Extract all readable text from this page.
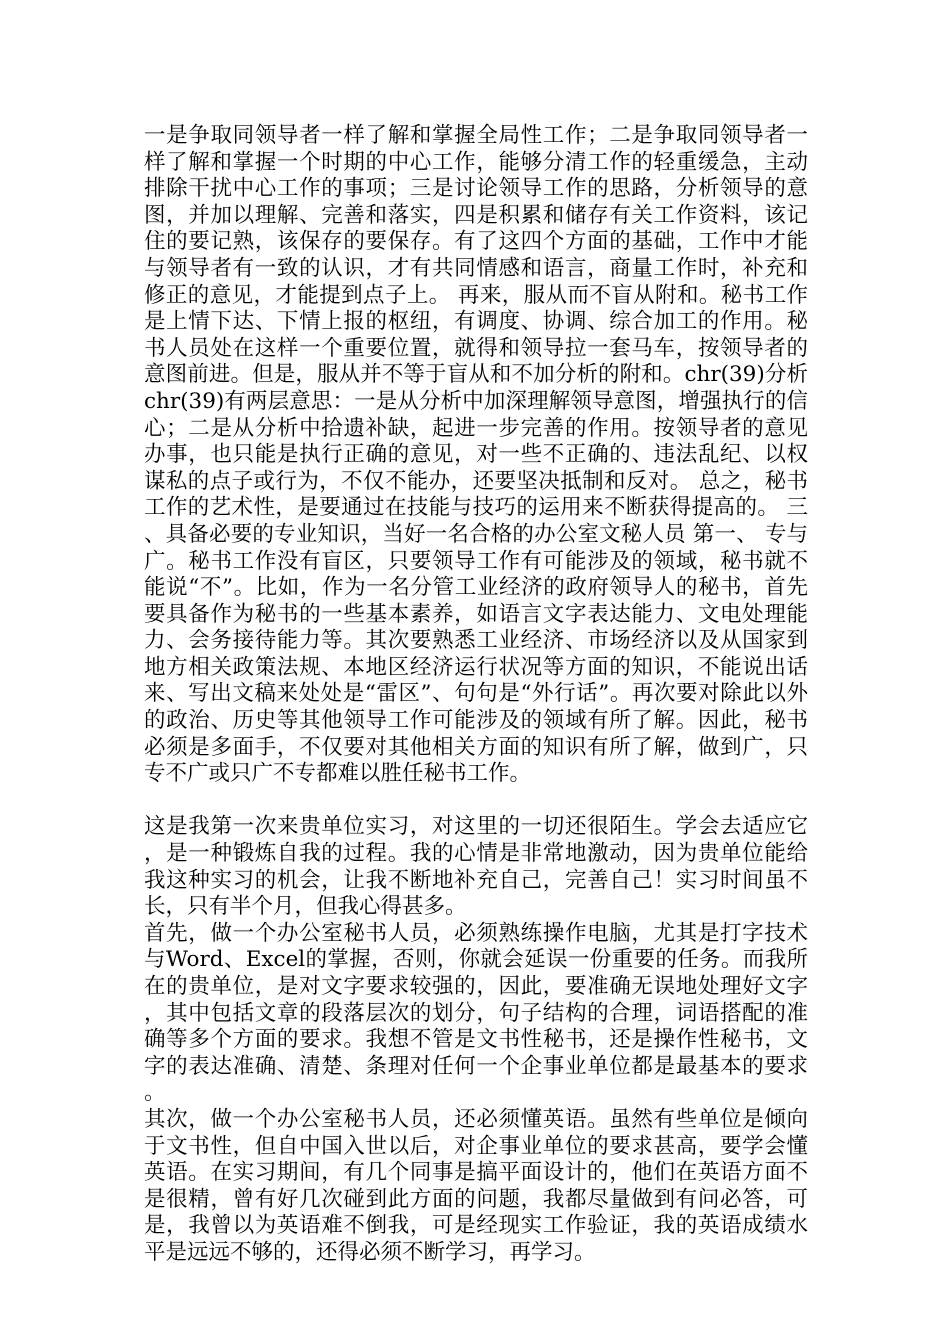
一是争取同领导者一样了解和掌握全局性工作；二是争取同领导者一样了解和掌握一个时期的中心工作，能够分清工作的轻重缓急，主动排除干扰中心工作的事项；三是讨论领导工作的思路，分析领导的意图，并加以理解、完善和落实，四是积累和储存有关工作资料，该记住的要记熟，该保存的要保存。有了这四个方面的基础，工作中才能与领导者有一致的认识，才有共同情感和语言，商量工作时，补充和修正的意见，才能提到点子上。 再来，服从而不盲从附和。秘书工作是上情下达、下情上报的枢纽，有调度、协调、综合加工的作用。秘书人员处在这样一个重要位置，就得和领导拉一套马车，按领导者的意图前进。但是，服从并不等于盲从和不加分析的附和。chr(39)分析chr(39)有两层意思：一是从分析中加深理解领导意图，增强执行的信心；二是从分析中拾遗补缺，起进一步完善的作用。按领导者的意见办事，也只能是执行正确的意见，对一些不正确的、违法乱纪、以权谋私的点子或行为，不仅不能办，还要坚决抵制和反对。 总之，秘书工作的艺术性，是要通过在技能与技巧的运用来不断获得提高的。 三、具备必要的专业知识，当好一名合格的办公室文秘人员 第一、 专与广。秘书工作没有盲区，只要领导工作有可能涉及的领域，秘书就不能说“不”。比如，作为一名分管工业经济的政府领导人的秘书，首先要具备作为秘书的一些基本素养，如语言文字表达能力、文电处理能力、会务接待能力等。其次要熟悉工业经济、市场经济以及从国家到地方相关政策法规、本地区经济运行状况等方面的知识，不能说出话来、写出文稿来处处是“雷区”、句句是“外行话”。再次要对除此以外的政治、历史等其他领导工作可能涉及的领域有所了解。因此，秘书必须是多面手，不仅要对其他相关方面的知识有所了解，做到广，只专不广或只广不专都难以胜任秘书工作。

这是我第一次来贵单位实习，对这里的一切还很陌生。学会去适应它，是一种锻炼自我的过程。我的心情是非常地激动，因为贵单位能给我这种实习的机会，让我不断地补充自己，完善自己！实习时间虽不长，只有半个月，但我心得甚多。

首先，做一个办公室秘书人员，必须熟练操作电脑，尤其是打字技术与Word、Excel的掌握，否则，你就会延误一份重要的任务。而我所在的贵单位，是对文字要求较强的，因此，要准确无误地处理好文字，其中包括文章的段落层次的划分，句子结构的合理，词语搭配的准确等多个方面的要求。我想不管是文书性秘书，还是操作性秘书，文字的表达准确、清楚、条理对任何一个企事业单位都是最基本的要求。

其次，做一个办公室秘书人员，还必须懂英语。虽然有些单位是倾向于文书性，但自中国入世以后，对企事业单位的要求甚高，要学会懂英语。在实习期间，有几个同事是搞平面设计的，他们在英语方面不是很精，曾有好几次碰到此方面的问题，我都尽量做到有问必答，可是，我曾以为英语难不倒我，可是经现实工作验证，我的英语成绩水平是远远不够的，还得必须不断学习，再学习。
